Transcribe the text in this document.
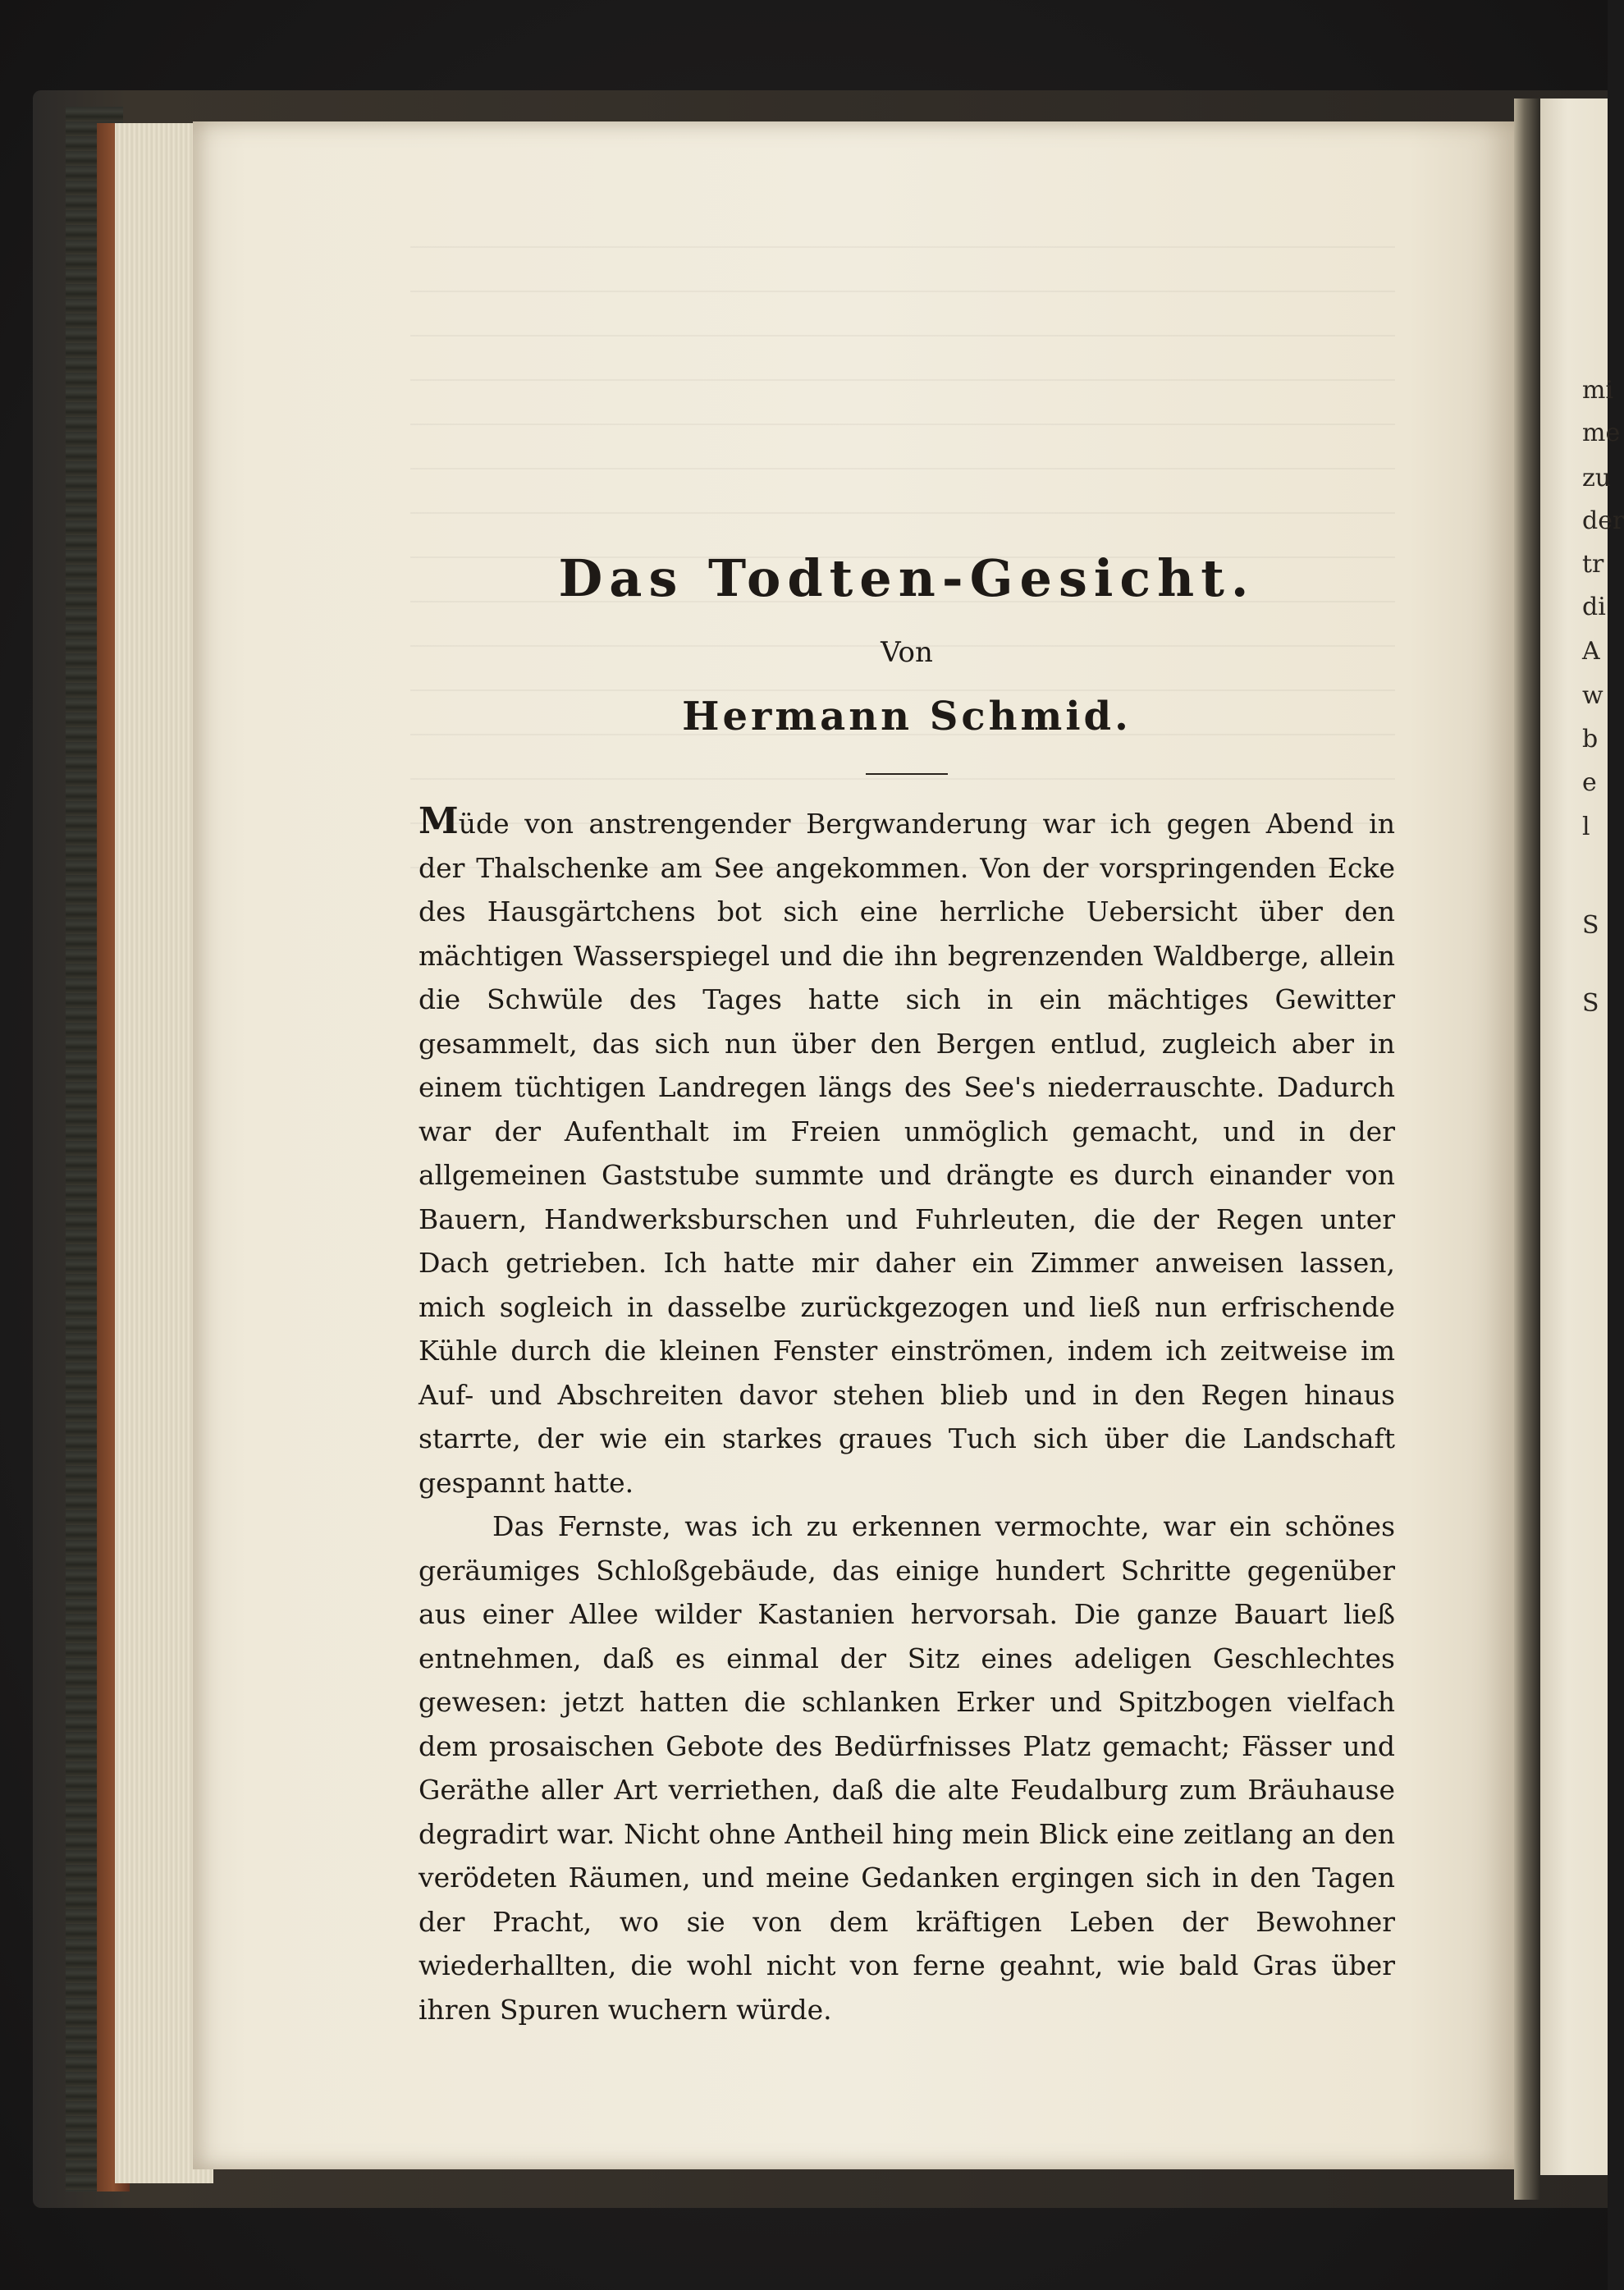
mi
me
zu
der
tr
di
A
w
b
e
l
S
S
Das Todten-Gesicht.
Von
Hermann Schmid.

Müde von anstrengender Bergwanderung war ich gegen Abend in der Thalschenke am See angekommen. Von der vorspringenden Ecke des Hausgärtchens bot sich eine herrliche Uebersicht über den mächtigen Wasserspiegel und die ihn begrenzenden Waldberge, allein die Schwüle des Tages hatte sich in ein mächtiges Gewitter gesammelt, das sich nun über den Bergen entlud, zugleich aber in einem tüchtigen Landregen längs des See's niederrauschte. Dadurch war der Aufenthalt im Freien unmöglich gemacht, und in der allgemeinen Gaststube summte und drängte es durch einander von Bauern, Handwerksburschen und Fuhrleuten, die der Regen unter Dach getrieben. Ich hatte mir daher ein Zimmer anweisen lassen, mich sogleich in dasselbe zurückgezogen und ließ nun erfrischende Kühle durch die kleinen Fenster einströmen, indem ich zeitweise im Auf- und Abschreiten davor stehen blieb und in den Regen hinaus starrte, der wie ein starkes graues Tuch sich über die Landschaft gespannt hatte.

Das Fernste, was ich zu erkennen vermochte, war ein schönes geräumiges Schloßgebäude, das einige hundert Schritte gegenüber aus einer Allee wilder Kastanien hervorsah. Die ganze Bauart ließ entnehmen, daß es einmal der Sitz eines adeligen Geschlechtes gewesen: jetzt hatten die schlanken Erker und Spitzbogen vielfach dem prosaischen Gebote des Bedürfnisses Platz gemacht; Fässer und Geräthe aller Art verriethen, daß die alte Feudalburg zum Bräuhause degradirt war. Nicht ohne Antheil hing mein Blick eine zeitlang an den verödeten Räumen, und meine Gedanken ergingen sich in den Tagen der Pracht, wo sie von dem kräftigen Leben der Bewohner wiederhallten, die wohl nicht von ferne geahnt, wie bald Gras über ihren Spuren wuchern würde.
